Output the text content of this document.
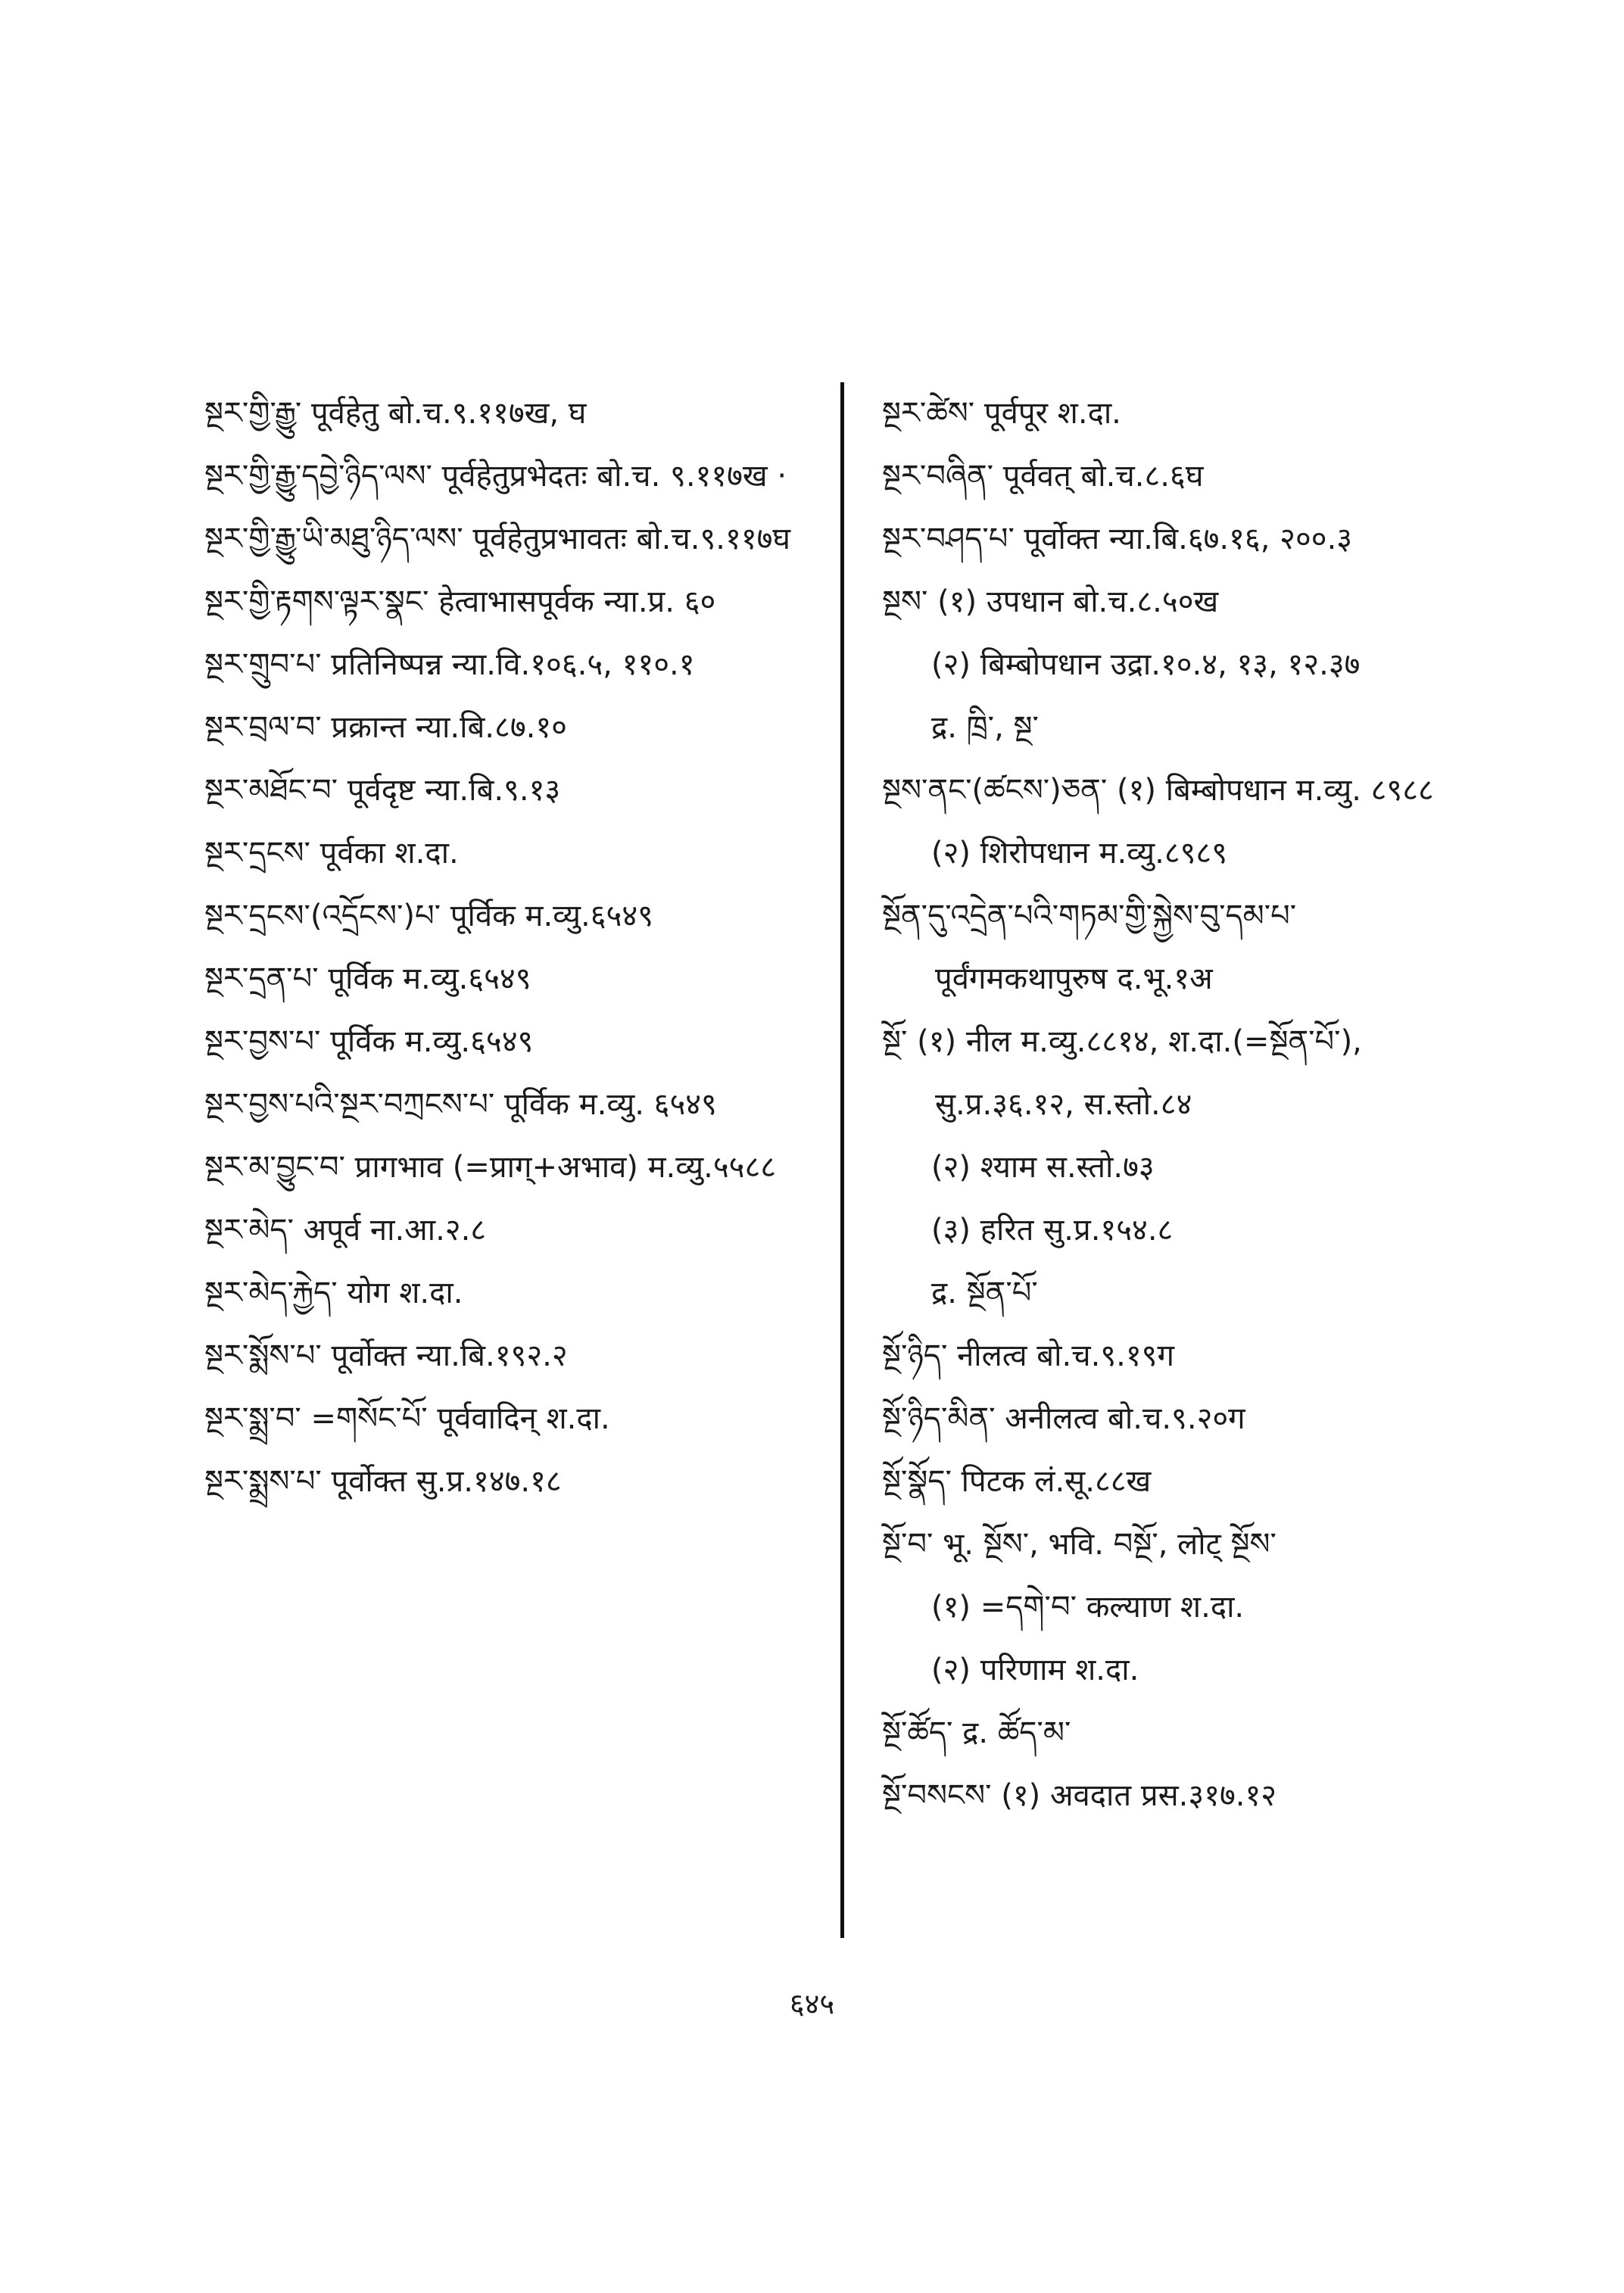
སྔར་གྱི་རྒྱུ་ पूर्वहेतु बो.च.९.११७ख, घ

སྔར་གྱི་རྒྱུ་དབྱེ་ཉིད་ལས་ पूर्वहेतुप्रभेदतः बो.च. ९.११७ख ·

སྔར་གྱི་རྒྱུ་ཡི་མཐུ་ཉིད་ལས་ पूर्वहेतुप्रभावतः बो.च.९.११७घ

སྔར་གྱི་རྟགས་ལྟར་སྣང་ हेत्वाभासपूर्वक न्या.प्र. ६०

སྔར་གྲུབ་པ་ प्रतिनिष्पन्न न्या.वि.१०६.५, ११०.१

སྔར་བྲལ་བ་ प्रक्रान्त न्या.बि.८७.१०

སྔར་མཐོང་བ་ पूर्वदृष्ट न्या.बि.९.१३

སྔར་དྲངས་ पूर्वका श.दा.

སྔར་དྲངས་(འདྲོངས་)པ་ पूर्विक म.व्यु.६५४९

སྔར་དྲན་པ་ पूर्विक म.व्यु.६५४९

སྔར་བྱས་པ་ पूर्विक म.व्यु.६५४९

སྔར་བྱས་པའི་སྔར་བཀྲངས་པ་ पूर्विक म.व्यु. ६५४९

སྔར་མ་བྱུང་བ་ प्रागभाव (=प्राग्+अभाव) म.व्यु.५५८८

སྔར་མེད་ अपूर्व ना.आ.२.८

སྔར་མེད་རྐྱེད་ योग श.दा.

སྔར་སྨོས་པ་ पूर्वोक्त न्या.बि.१९२.२

སྔར་སྨྲ་བ་ =གསོང་པོ་ पूर्ववादिन् श.दा.

སྔར་སྨྲས་པ་ पूर्वोक्त सु.प्र.१४७.१८

སྔར་ཚེས་ पूर्वपूर श.दा.

སྔར་བཞིན་ पूर्ववत् बो.च.८.६घ

སྔར་བཤད་པ་ पूर्वोक्त न्या.बि.६७.१६, २००.३

སྔས་ (१) उपधान बो.च.८.५०ख

(२) बिम्बोपधान उद्रा.१०.४, १३, १२.३७

द्र. ཁྲི་, སྔ་

སྔས་ནང་(ཚངས་)ཅན་ (१) बिम्बोपधान म.व्यु. ८९८८

(२) शिरोपधान म.व्यु.८९८९

སྔོན་དུ་འདྲེན་པའི་གཏམ་གྱི་སྐྱེས་བུ་དམ་པ་ पूर्वंगमकथापुरुष द.भू.१अ

སྔོ་ (१) नील म.व्यु.८८१४, श.दा.(=སྔོན་པོ་), सु.प्र.३६.१२, स.स्तो.८४

(२) श्याम स.स्तो.७३

(३) हरित सु.प्र.१५४.८

द्र. སྔོན་པོ་

སྔོ་ཉིད་ नीलत्व बो.च.९.१९ग

སྔོ་ཉིད་མིན་ अनीलत्व बो.च.९.२०ग

སྔོ་སྣོད་ पिटक लं.सू.८८ख

སྔོ་བ་ भू. སྔོས་, भवि. བསྔོ་, लोट् སྔོས་

(१) =དགེ་བ་ कल्याण श.दा.

(२) परिणाम श.दा.

སྔོ་ཚོད་ द्र. ཚོད་མ་

སྔོ་བསངས་ (१) अवदात प्रस.३१७.१२

६४५
